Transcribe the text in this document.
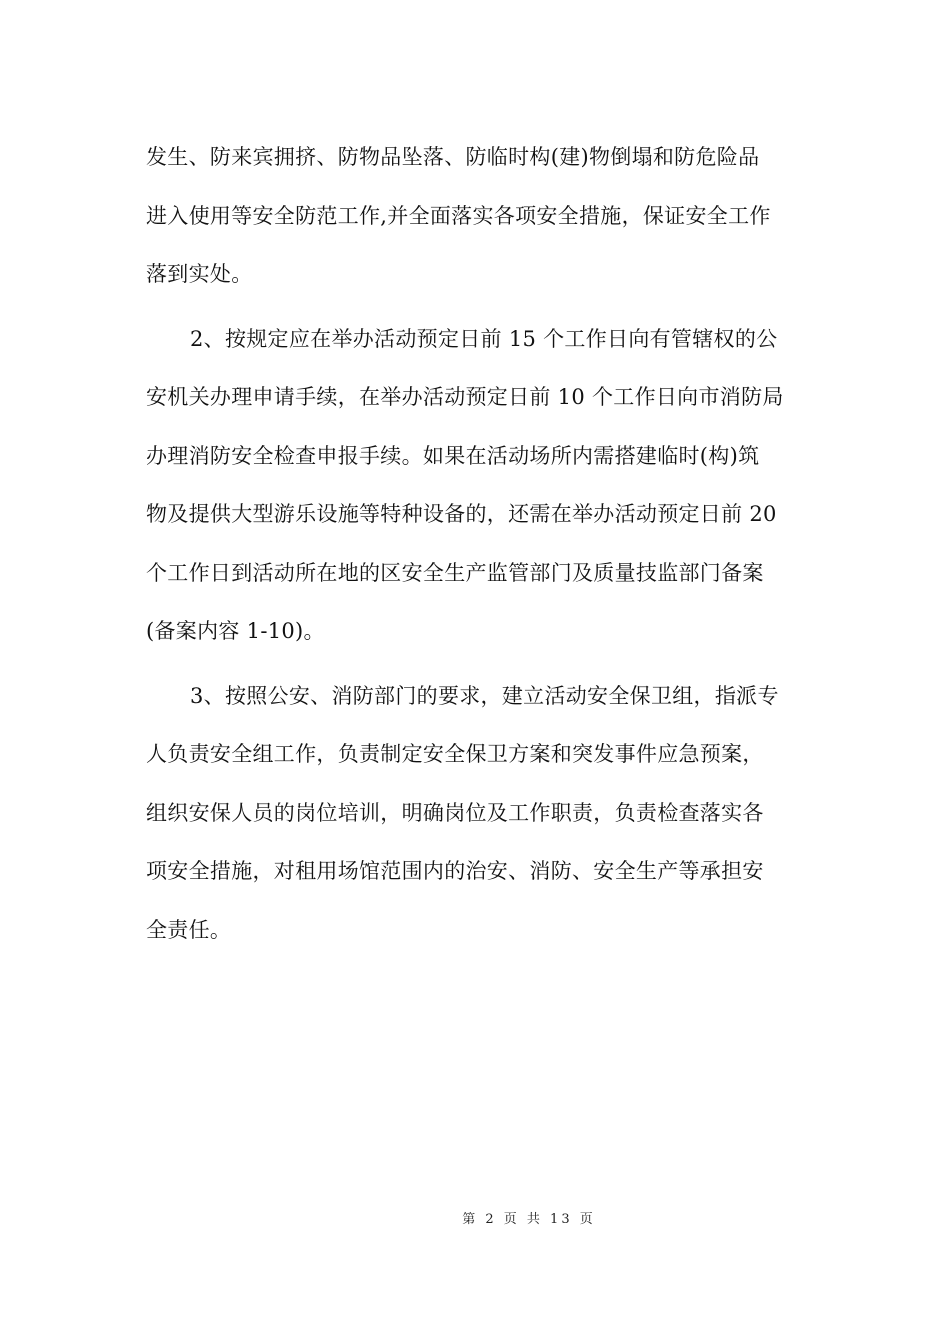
发生、防来宾拥挤、防物品坠落、防临时构(建)物倒塌和防危险品
进入使用等安全防范工作,并全面落实各项安全措施，保证安全工作
落到实处。
2、按规定应在举办活动预定日前 15 个工作日向有管辖权的公
安机关办理申请手续，在举办活动预定日前 10 个工作日向市消防局
办理消防安全检查申报手续。如果在活动场所内需搭建临时(构)筑
物及提供大型游乐设施等特种设备的，还需在举办活动预定日前 20
个工作日到活动所在地的区安全生产监管部门及质量技监部门备案
(备案内容 1-10)。
3、按照公安、消防部门的要求，建立活动安全保卫组，指派专
人负责安全组工作，负责制定安全保卫方案和突发事件应急预案，
组织安保人员的岗位培训，明确岗位及工作职责，负责检查落实各
项安全措施，对租用场馆范围内的治安、消防、安全生产等承担安
全责任。
第 2 页 共 13 页
